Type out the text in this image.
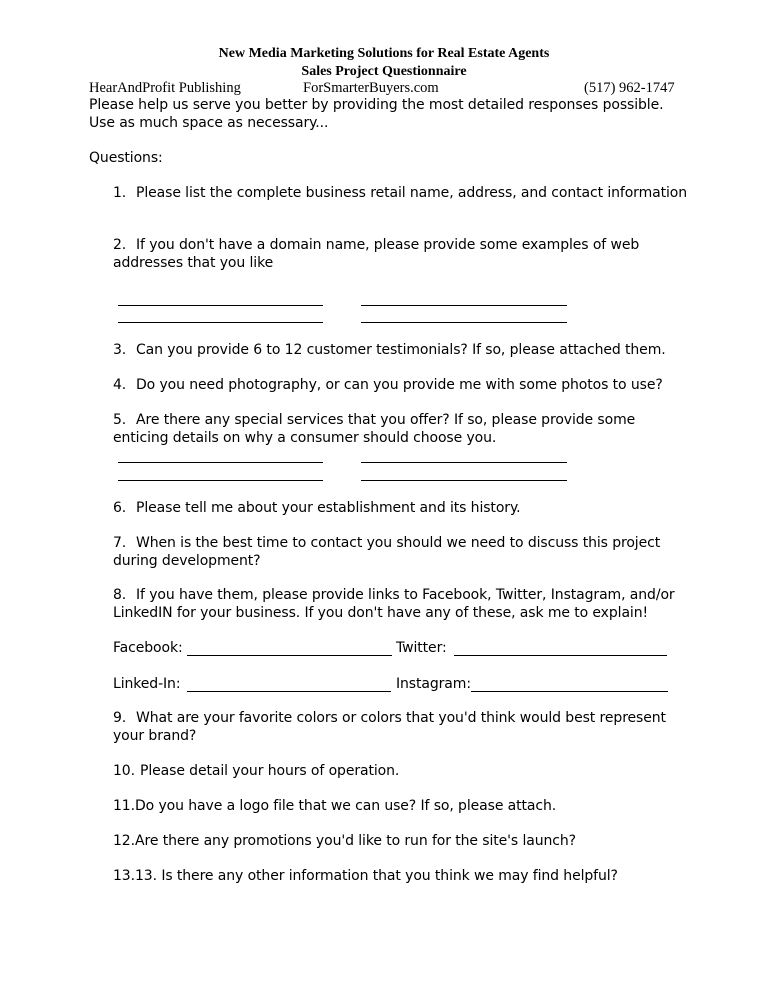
New Media Marketing Solutions for Real Estate Agents
Sales Project Questionnaire
HearAndProfit Publishing	ForSmarterBuyers.com	(517) 962-1747
Please help us serve you better by providing the most detailed responses possible.
Use as much space as necessary...
Questions:
1. Please list the complete business retail name, address, and contact information
2. If you don't have a domain name, please provide some examples of web
addresses that you like
3. Can you provide 6 to 12 customer testimonials? If so, please attached them.
4. Do you need photography, or can you provide me with some photos to use?
5. Are there any special services that you offer? If so, please provide some
enticing details on why a consumer should choose you.
6. Please tell me about your establishment and its history.
7. When is the best time to contact you should we need to discuss this project
during development?
8. If you have them, please provide links to Facebook, Twitter, Instagram, and/or
LinkedIN for your business. If you don't have any of these, ask me to explain!
Facebook:	Twitter:
Linked-In:	Instagram:
9. What are your favorite colors or colors that you'd think would best represent
your brand?
10. Please detail your hours of operation.
11. Do you have a logo file that we can use? If so, please attach.
12. Are there any promotions you'd like to run for the site's launch?
13. 13. Is there any other information that you think we may find helpful?
